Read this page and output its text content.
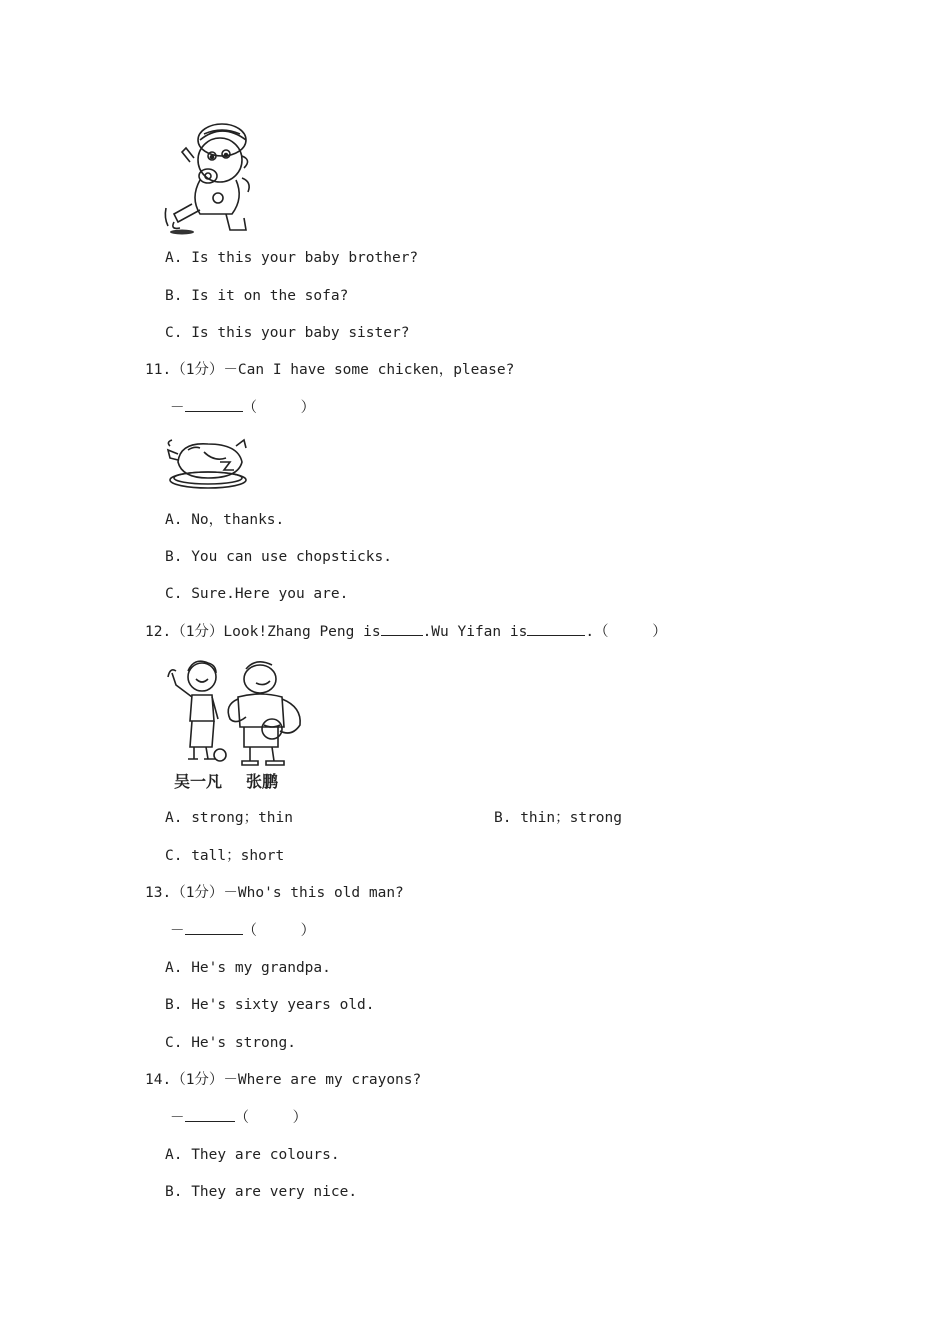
A. Is this your baby brother?
B. Is it on the sofa?
C. Is this your baby sister?
11.（1分）－Can I have some chicken，please?
－	（     ）
A. No，thanks.
B. You can use chopsticks.
C. Sure.Here you are.
12.（1分）Look!Zhang Peng is	.Wu Yifan is	.（     ）
吴一凡 张鹏
A. strong；thin	B. thin；strong
C. tall；short
13.（1分）－Who's this old man?
－	（     ）
A. He's my grandpa.
B. He's sixty years old.
C. He's strong.
14.（1分）－Where are my crayons?
－	（     ）
A. They are colours.
B. They are very nice.
